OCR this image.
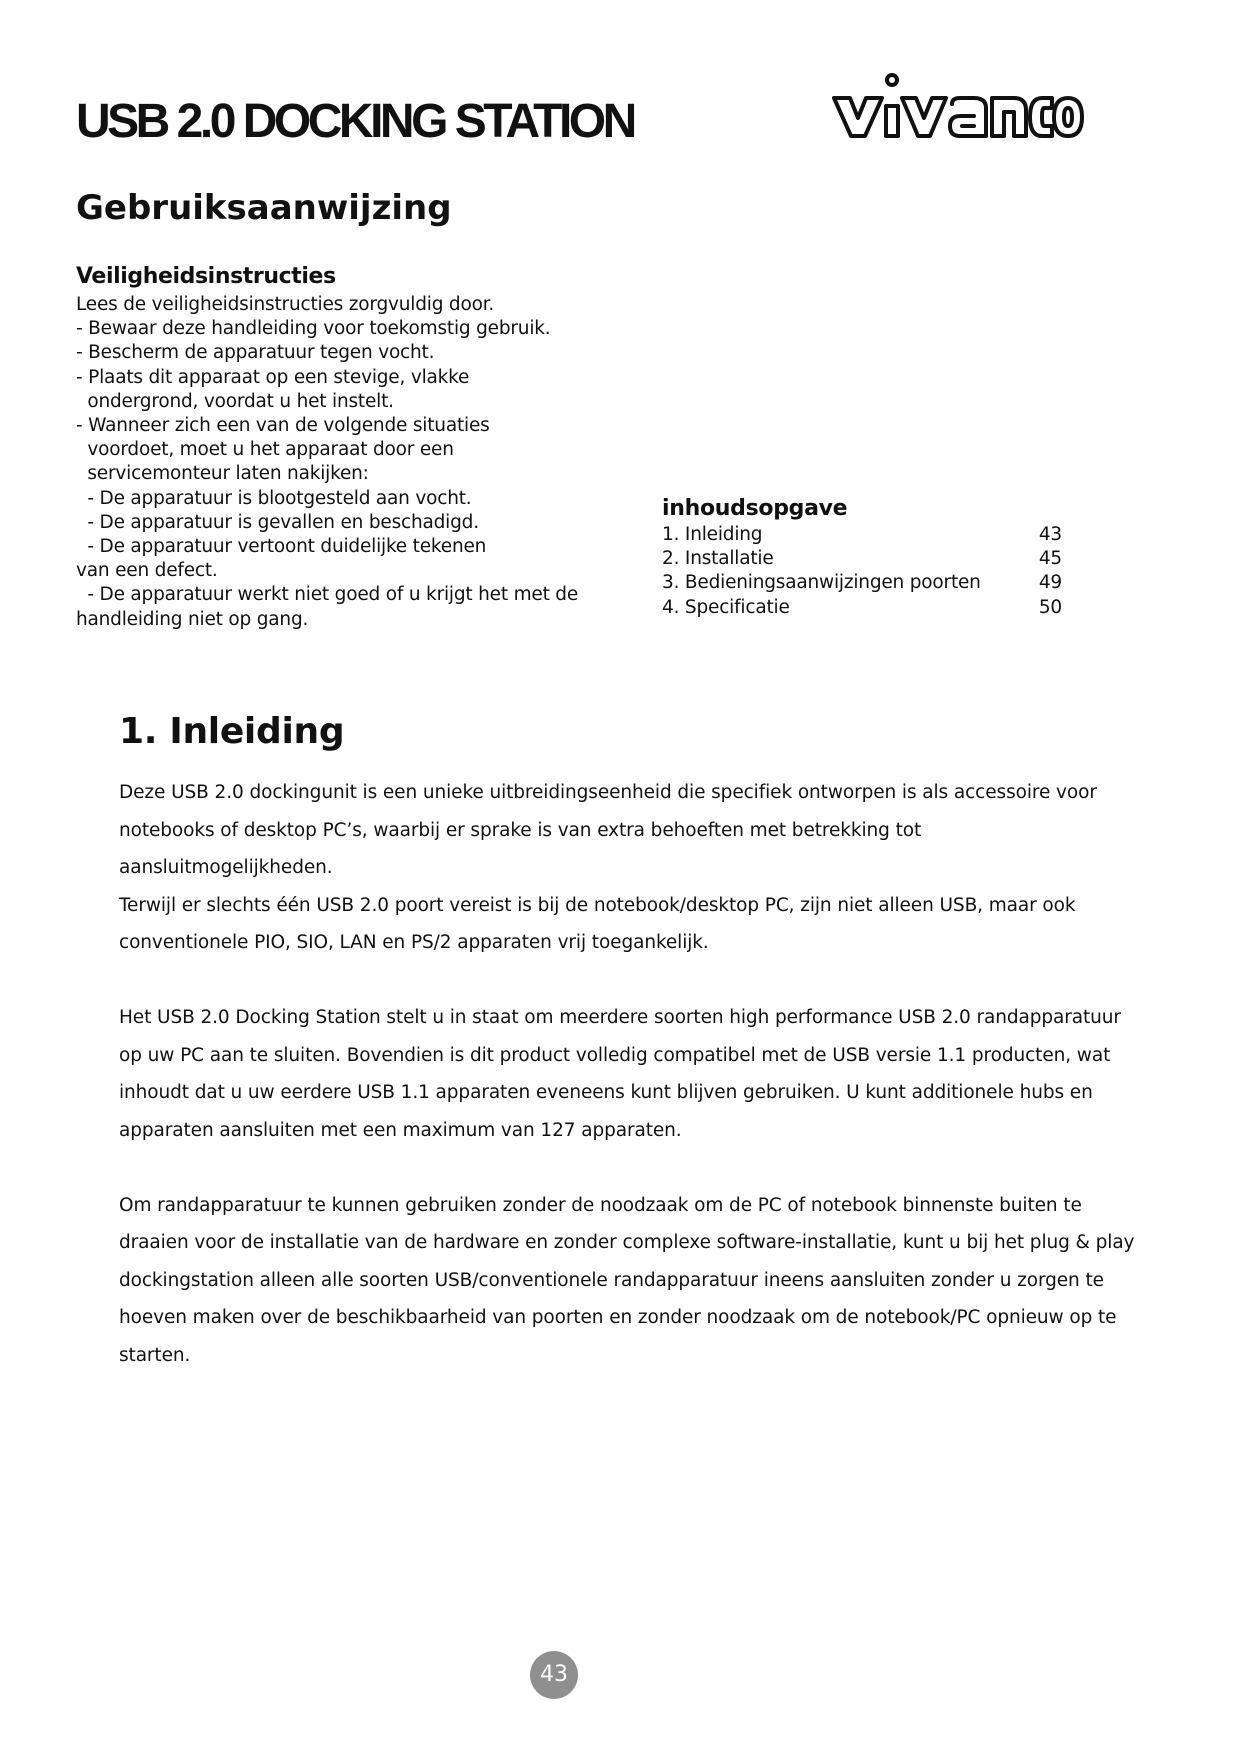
USB 2.0 DOCKING STATION
Gebruiksaanwijzing
Veiligheidsinstructies
Lees de veiligheidsinstructies zorgvuldig door.
- Bewaar deze handleiding voor toekomstig gebruik.
- Bescherm de apparatuur tegen vocht.
- Plaats dit apparaat op een stevige, vlakke
ondergrond, voordat u het instelt.
- Wanneer zich een van de volgende situaties
voordoet, moet u het apparaat door een
servicemonteur laten nakijken:
- De apparatuur is blootgesteld aan vocht.
- De apparatuur is gevallen en beschadigd.
- De apparatuur vertoont duidelijke tekenen
van een defect.
- De apparatuur werkt niet goed of u krijgt het met de
handleiding niet op gang.
inhoudsopgave
1. Inleiding	43
2. Installatie	45
3. Bedieningsaanwijzingen poorten	49
4. Specificatie	50
1. Inleiding

Deze USB 2.0 dockingunit is een unieke uitbreidingseenheid die specifiek ontworpen is als accessoire voor notebooks of desktop PC’s, waarbij er sprake is van extra behoeften met betrekking tot aansluitmogelijkheden.

Terwijl er slechts één USB 2.0 poort vereist is bij de notebook/desktop PC, zijn niet alleen USB, maar ook conventionele PIO, SIO, LAN en PS/2 apparaten vrij toegankelijk.

Het USB 2.0 Docking Station stelt u in staat om meerdere soorten high performance USB 2.0 randapparatuur op uw PC aan te sluiten. Bovendien is dit product volledig compatibel met de USB versie 1.1 producten, wat inhoudt dat u uw eerdere USB 1.1 apparaten eveneens kunt blijven gebruiken. U kunt additionele hubs en apparaten aansluiten met een maximum van 127 apparaten.

Om randapparatuur te kunnen gebruiken zonder de noodzaak om de PC of notebook binnenste buiten te draaien voor de installatie van de hardware en zonder complexe software-installatie, kunt u bij het plug & play dockingstation alleen alle soorten USB/conventionele randapparatuur ineens aansluiten zonder u zorgen te hoeven maken over de beschikbaarheid van poorten en zonder noodzaak om de notebook/PC opnieuw op te starten.

43
